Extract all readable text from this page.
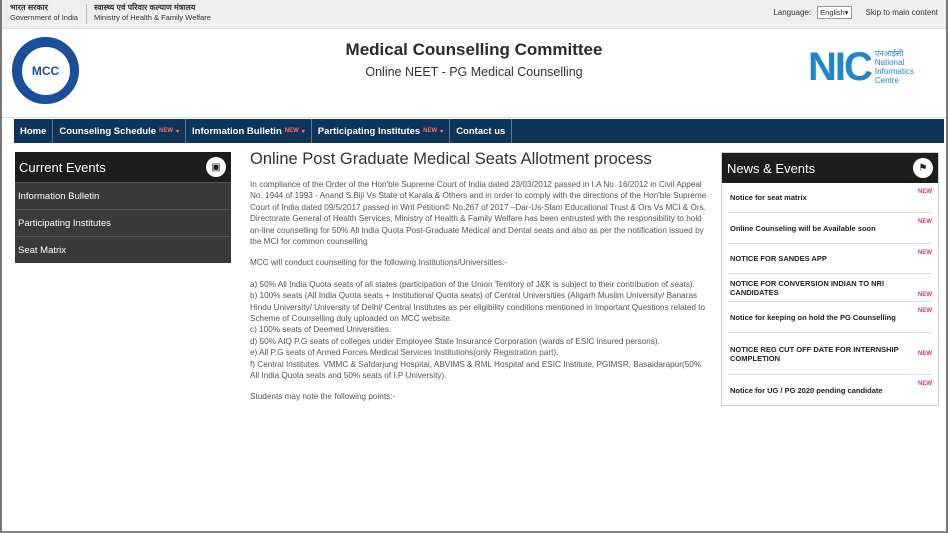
भारत सरकार
Government of India
स्वास्थ्य एवं परिवार कल्याण मंत्रालय
Ministry of Health & Family Welfare
Language: English ▾ Skip to main content
MCC
Medical Counselling Committee
Online NEET - PG Medical Counselling	NIC एनआईसी
National
Informatics
Centre
Home Counseling Schedule NEW ▾ Information Bulletin NEW ▾ Participating Institutes NEW ▾ Contact us
Current Events	▣
Information Bulletin
Participating Institutes
Seat Matrix
Online Post Graduate Medical Seats Allotment process
In compliance of the Order of the Hon'ble Supreme Court of India dated 23/03/2012 passed in I.A No. 16/2012 in Civil Appeal No. 1944 of 1993 - Anand S.Biji Vs State of Karala & Others and in order to comply with the directions of the Hon'ble Supreme Court of India dated 09/5/2017 passed in Writ Petition© No.267 of 2017 –Dar-Us-Slam Educational Trust & Ors Vs MCI & Ors. Directorate General of Health Services, Ministry of Health & Family Welfare has been entrusted with the responsibility to hold on-line counselling for 50% All India Quota Post-Graduate Medical and Dental seats and also as per the notification issued by the MCI for common counselling
MCC will conduct counselling for the following Institutions/Universities:-
a) 50% All India Quota seats of all states (participation of the Union Territory of J&K is subject to their contribution of seats).
b) 100% seats (All India Quota seats + Institutional Quota seats) of Central Universities (Aligarh Muslim University/ Banaras Hindu University/ University of Delhi/ Central Institutes as per eligibility conditions mentioned in Important Questions related to Scheme of Counselling duly uploaded on MCC website.
c) 100% seats of Deemed Universities.
d) 50% AIQ P.G seats of colleges under Employee State Insurance Corporation (wards of ESIC insured persons).
e) All P.G seats of Armed Forces Medical Services Institutions(only Registration part).
f) Central Institutes. VMMC & Safdarjung Hospital, ABVIMS & RML Hospital and ESIC Institute, PGIMSR, Basaidarapur(50% All India Quota seats and 50% seats of I.P University).
Students may note the following points:-
News & Events	⚑
Notice for seat matrix
NEW
Online Counseling will be Available soon
NEW
NOTICE FOR SANDES APP
NEW
NOTICE FOR CONVERSION INDIAN TO NRI CANDIDATES	NEW
Notice for keeping on hold the PG Counselling
NEW
NOTICE REG CUT OFF DATE FOR INTERNSHIP COMPLETION	NEW
Notice for UG / PG 2020 pending candidate
NEW
